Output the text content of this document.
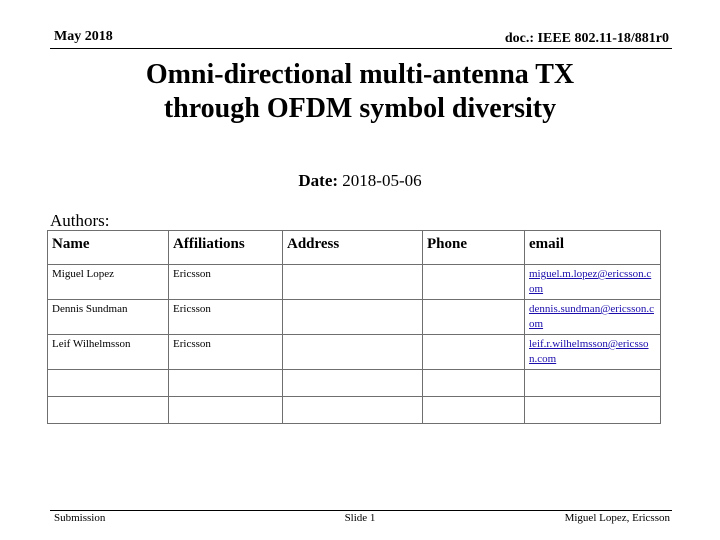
May 2018	doc.: IEEE 802.11-18/881r0
Omni-directional multi-antenna TX
through OFDM symbol diversity
Date: 2018-05-06
Authors:
Name	Affiliations	Address	Phone	email
Miguel Lopez	Ericsson			miguel.m.lopez@ericsson.com
Dennis Sundman	Ericsson			dennis.sundman@ericsson.com
Leif Wilhelmsson	Ericsson			leif.r.wilhelmsson@ericsson.com

Submission	Slide 1	Miguel Lopez, Ericsson
